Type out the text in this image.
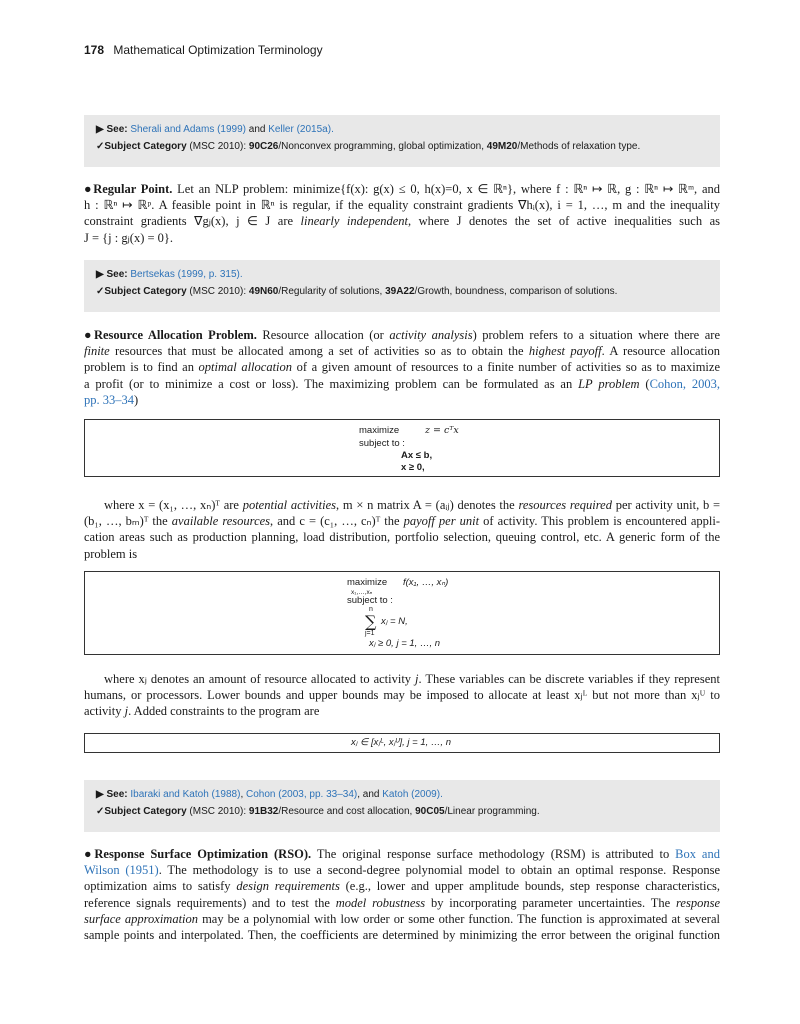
178 Mathematical Optimization Terminology
▶ See: Sherali and Adams (1999) and Keller (2015a).
✓Subject Category (MSC 2010): 90C26/Nonconvex programming, global optimization, 49M20/Methods of relaxation type.
●Regular Point. Let an NLP problem: minimize{f(x): g(x) ≤ 0, h(x)=0, x ∈ ℝⁿ}, where f : ℝⁿ ↦ ℝ, g : ℝⁿ ↦ ℝᵐ, and
h : ℝⁿ ↦ ℝᵖ. A feasible point in ℝⁿ is regular, if the equality constraint gradients ∇hᵢ(x), i = 1, …, m and the inequality
constraint gradients ∇gⱼ(x), j ∈ J are linearly independent, where J denotes the set of active inequalities such as
J = {j : gⱼ(x) = 0}.
▶ See: Bertsekas (1999, p. 315).
✓Subject Category (MSC 2010): 49N60/Regularity of solutions, 39A22/Growth, boundness, comparison of solutions.
●Resource Allocation Problem. Resource allocation (or activity analysis) problem refers to a situation where there are
finite resources that must be allocated among a set of activities so as to obtain the highest payoff. A resource allocation
problem is to find an optimal allocation of a given amount of resources to a finite number of activities so as to maximize
a profit (or to minimize a cost or loss). The maximizing problem can be formulated as an LP problem (Cohon, 2003,
pp. 33–34)
maximize	z = cᵀx
subject to :
Ax ≤ b,
x ≥ 0,
where x = (x₁, …, xₙ)ᵀ are potential activities, m × n matrix A = (aᵢⱼ) denotes the resources required per activity unit, b =
(b₁, …, bₘ)ᵀ the available resources, and c = (c₁, …, cₙ)ᵀ the payoff per unit of activity. This problem is encountered appli-
cation areas such as production planning, load distribution, portfolio selection, queuing control, etc. A generic form of the
problem is
maximize
x₁,…,xₙ
f(x₁, …, xₙ)
subject to :
n
∑
j=1
xⱼ = N,
xⱼ ≥ 0, j = 1, …, n
where xⱼ denotes an amount of resource allocated to activity j. These variables can be discrete variables if they represent
humans, or processors. Lower bounds and upper bounds may be imposed to allocate at least xⱼᴸ but not more than xⱼᵁ to
activity j. Added constraints to the program are
xⱼ ∈ [xⱼᴸ, xⱼᵁ], j = 1, …, n
▶ See: Ibaraki and Katoh (1988), Cohon (2003, pp. 33–34), and Katoh (2009).
✓Subject Category (MSC 2010): 91B32/Resource and cost allocation, 90C05/Linear programming.
●Response Surface Optimization (RSO). The original response surface methodology (RSM) is attributed to Box and
Wilson (1951). The methodology is to use a second-degree polynomial model to obtain an optimal response. Response
optimization aims to satisfy design requirements (e.g., lower and upper amplitude bounds, step response characteristics,
reference signals requirements) and to test the model robustness by incorporating parameter uncertainties. The response
surface approximation may be a polynomial with low order or some other function. The function is approximated at several
sample points and interpolated. Then, the coefficients are determined by minimizing the error between the original function
